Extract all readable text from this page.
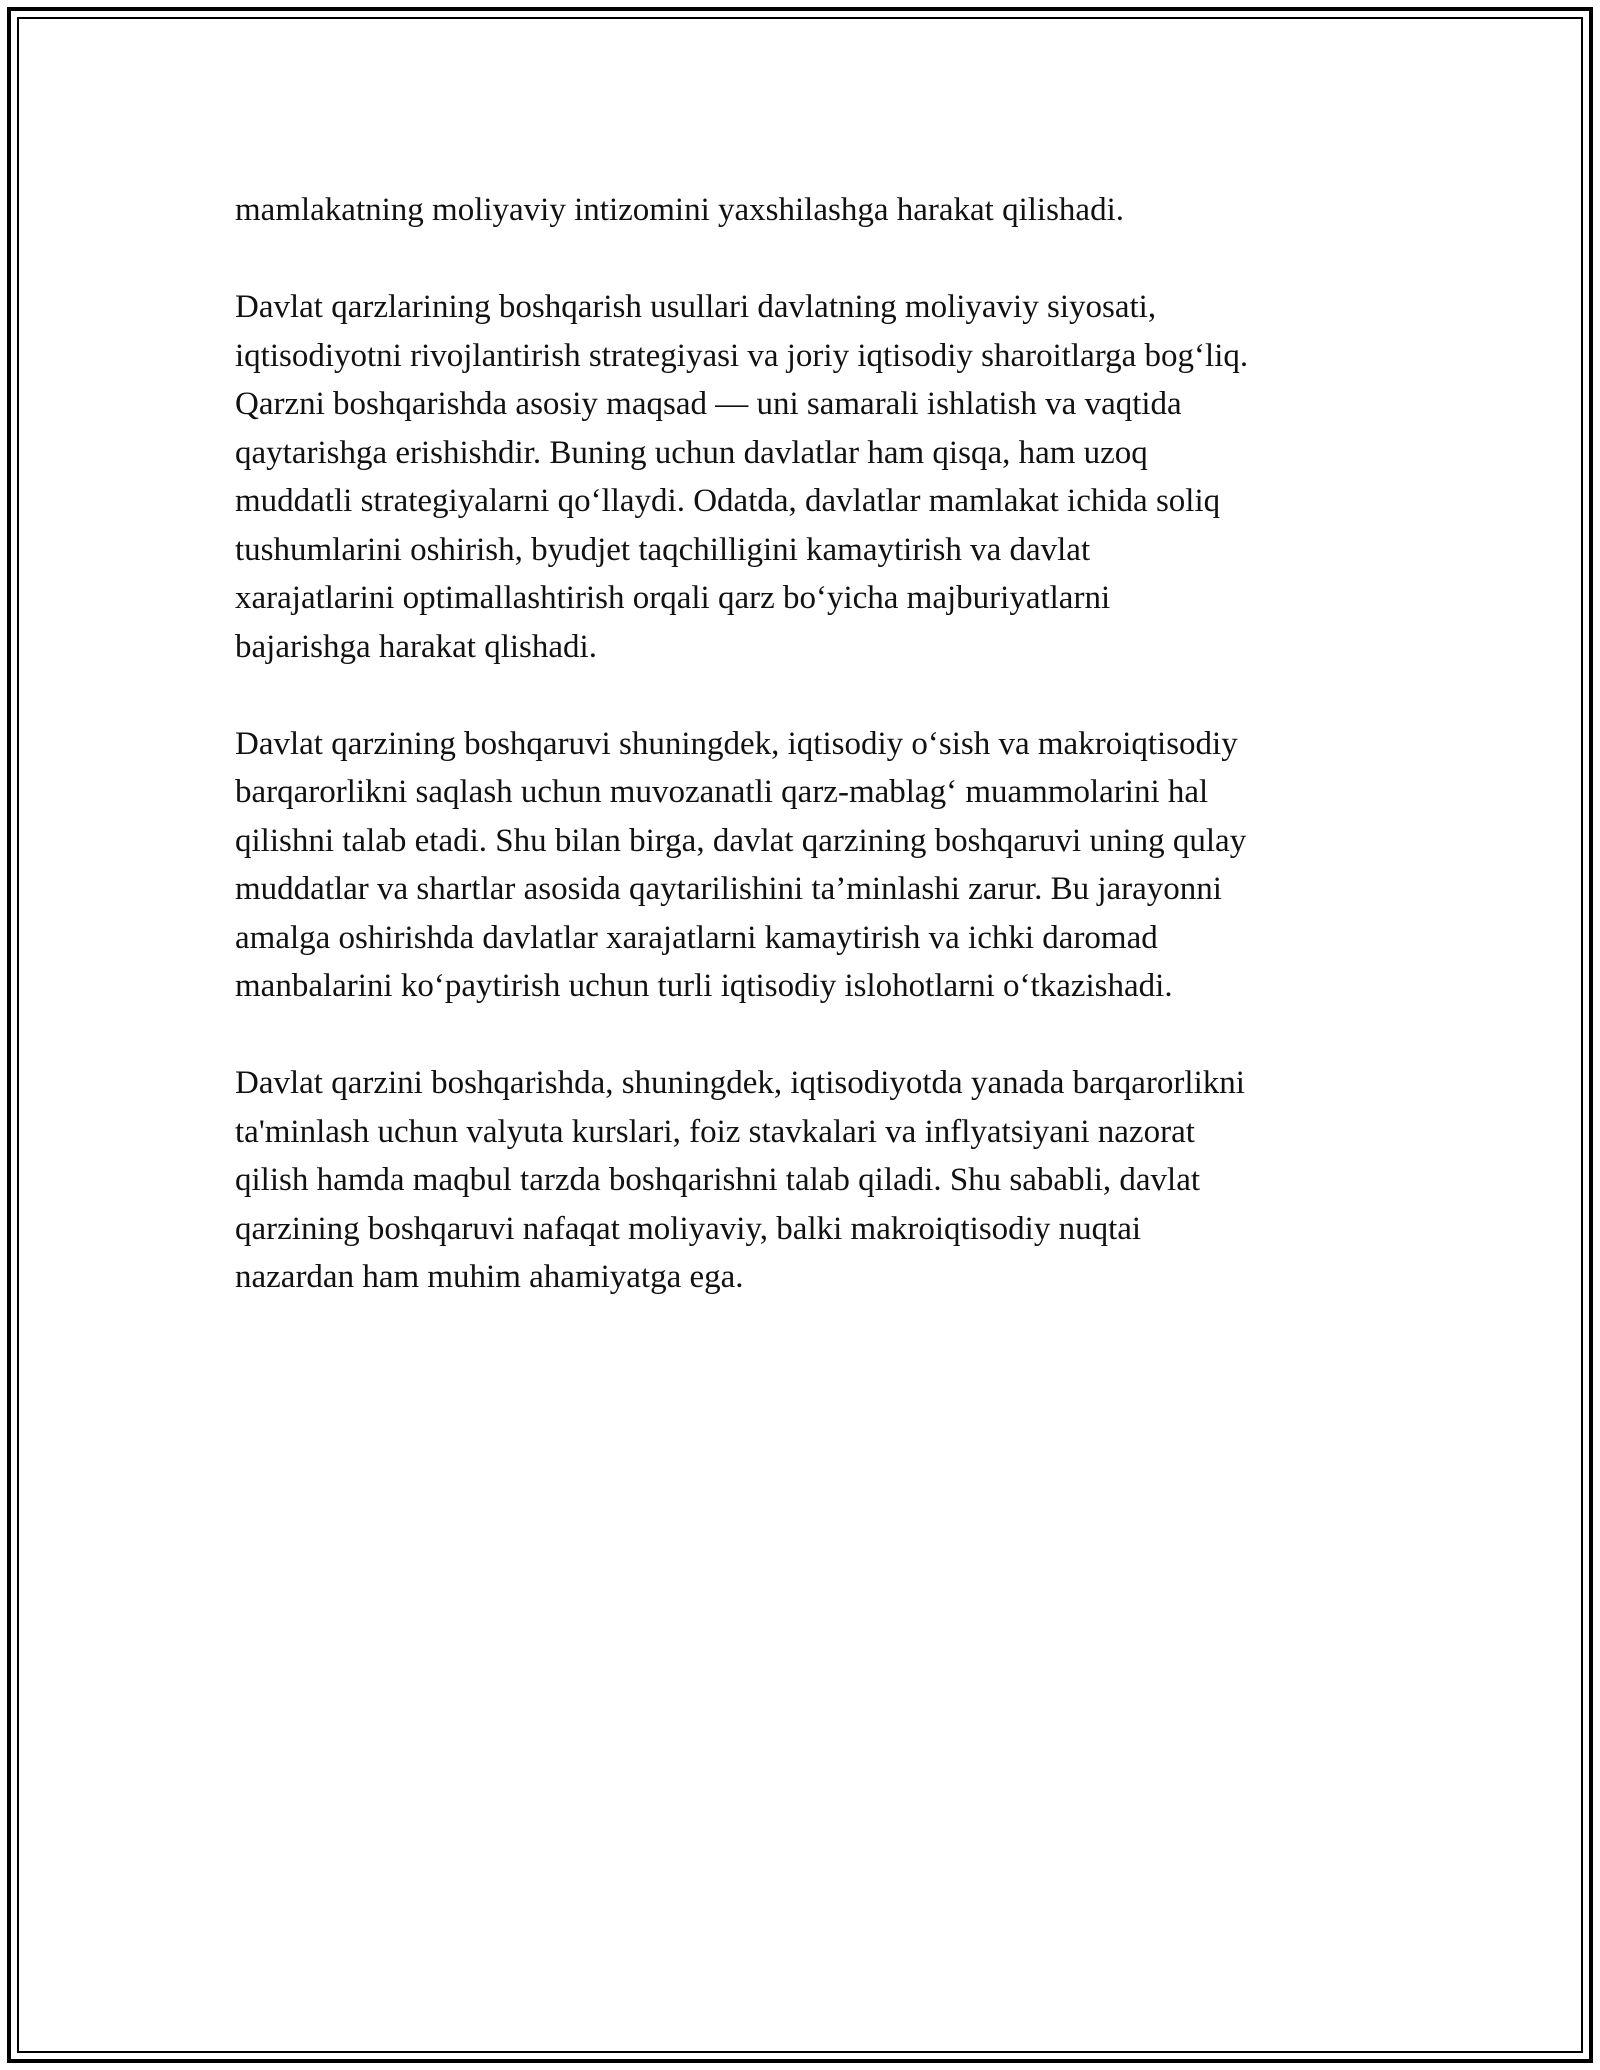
mamlakatning moliyaviy intizomini yaxshilashga harakat qilishadi.

Davlat qarzlarining boshqarish usullari davlatning moliyaviy siyosati,
iqtisodiyotni rivojlantirish strategiyasi va joriy iqtisodiy sharoitlarga bog‘liq.
Qarzni boshqarishda asosiy maqsad — uni samarali ishlatish va vaqtida
qaytarishga erishishdir. Buning uchun davlatlar ham qisqa, ham uzoq
muddatli strategiyalarni qo‘llaydi. Odatda, davlatlar mamlakat ichida soliq
tushumlarini oshirish, byudjet taqchilligini kamaytirish va davlat
xarajatlarini optimallashtirish orqali qarz bo‘yicha majburiyatlarni
bajarishga harakat qlishadi.

Davlat qarzining boshqaruvi shuningdek, iqtisodiy o‘sish va makroiqtisodiy
barqarorlikni saqlash uchun muvozanatli qarz-mablag‘ muammolarini hal
qilishni talab etadi. Shu bilan birga, davlat qarzining boshqaruvi uning qulay
muddatlar va shartlar asosida qaytarilishini ta’minlashi zarur. Bu jarayonni
amalga oshirishda davlatlar xarajatlarni kamaytirish va ichki daromad
manbalarini ko‘paytirish uchun turli iqtisodiy islohotlarni o‘tkazishadi.

Davlat qarzini boshqarishda, shuningdek, iqtisodiyotda yanada barqarorlikni
ta'minlash uchun valyuta kurslari, foiz stavkalari va inflyatsiyani nazorat
qilish hamda maqbul tarzda boshqarishni talab qiladi. Shu sababli, davlat
qarzining boshqaruvi nafaqat moliyaviy, balki makroiqtisodiy nuqtai
nazardan ham muhim ahamiyatga ega.
